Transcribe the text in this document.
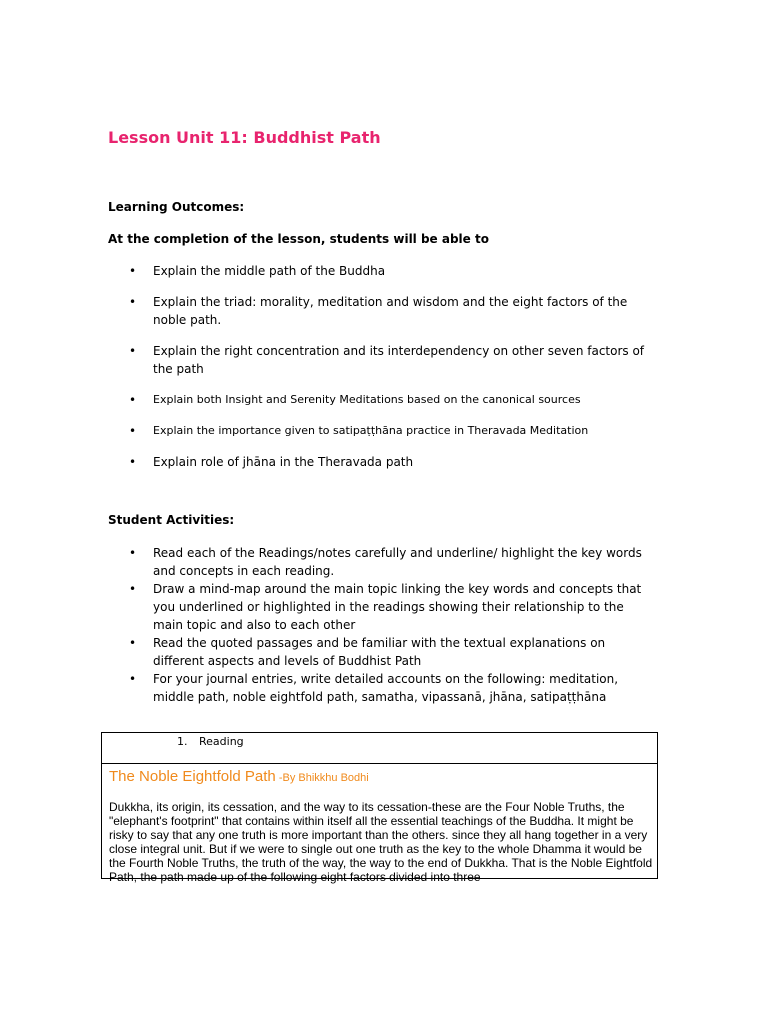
Lesson Unit 11: Buddhist Path
Learning Outcomes:
At the completion of the lesson, students will be able to
• Explain the middle path of the Buddha
• Explain the triad: morality, meditation and wisdom and the eight factors of the noble path.
• Explain the right concentration and its interdependency on other seven factors of the path
• Explain both Insight and Serenity Meditations based on the canonical sources
• Explain the importance given to satipaṭṭhāna practice in Theravada Meditation
• Explain role of jhāna in the Theravada path
Student Activities:
• Read each of the Readings/notes carefully and underline/ highlight the key words and concepts in each reading.
• Draw a mind-map around the main topic linking the key words and concepts that you underlined or highlighted in the readings showing their relationship to the main topic and also to each other
• Read the quoted passages and be familiar with the textual explanations on different aspects and levels of Buddhist Path
• For your journal entries, write detailed accounts on the following: meditation, middle path, noble eightfold path, samatha, vipassanā, jhāna, satipaṭṭhāna
1. Reading
The Noble Eightfold Path -By Bhikkhu Bodhi
Dukkha, its origin, its cessation, and the way to its cessation-these are the Four Noble Truths, the "elephant's footprint" that contains within itself all the essential teachings of the Buddha. It might be risky to say that any one truth is more important than the others. since they all hang together in a very close integral unit. But if we were to single out one truth as the key to the whole Dhamma it would be the Fourth Noble Truths, the truth of the way, the way to the end of Dukkha. That is the Noble Eightfold Path, the path made up of the following eight factors divided into three
